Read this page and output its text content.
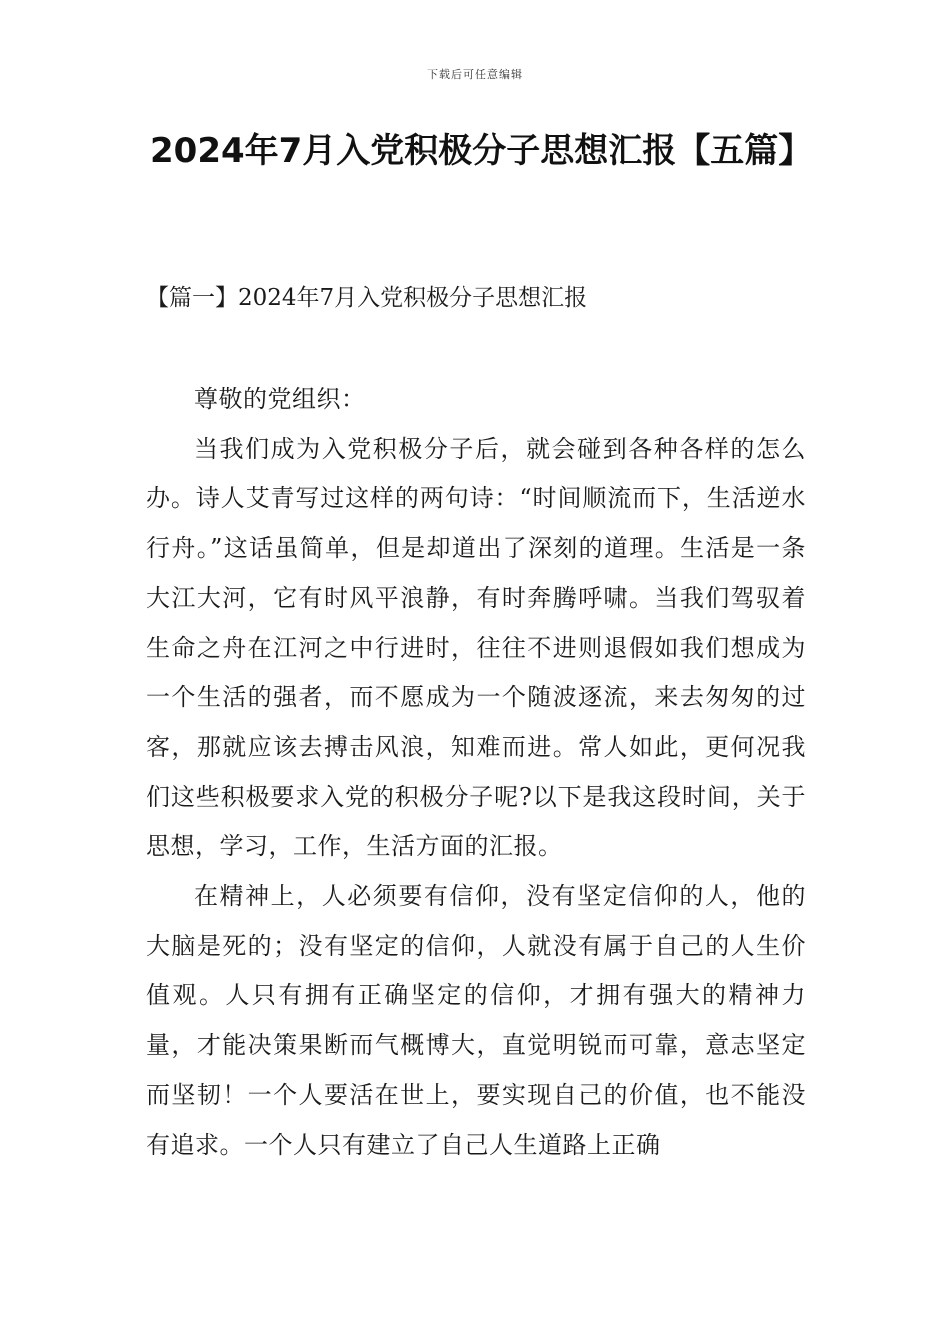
下载后可任意编辑
2024年7月入党积极分子思想汇报【五篇】
【篇一】2024年7月入党积极分子思想汇报

尊敬的党组织：

当我们成为入党积极分子后，就会碰到各种各样的怎么办。诗人艾青写过这样的两句诗：“时间顺流而下，生活逆水行舟。”这话虽简单，但是却道出了深刻的道理。生活是一条大江大河，它有时风平浪静，有时奔腾呼啸。当我们驾驭着生命之舟在江河之中行进时，往往不进则退假如我们想成为一个生活的强者，而不愿成为一个随波逐流，来去匆匆的过客，那就应该去搏击风浪，知难而进。常人如此，更何况我们这些积极要求入党的积极分子呢?以下是我这段时间，关于思想，学习，工作，生活方面的汇报。

在精神上，人必须要有信仰，没有坚定信仰的人，他的大脑是死的；没有坚定的信仰，人就没有属于自己的人生价值观。人只有拥有正确坚定的信仰，才拥有强大的精神力量，才能决策果断而气概博大，直觉明锐而可靠，意志坚定而坚韧！一个人要活在世上，要实现自己的价值，也不能没有追求。一个人只有建立了自己人生道路上正确
